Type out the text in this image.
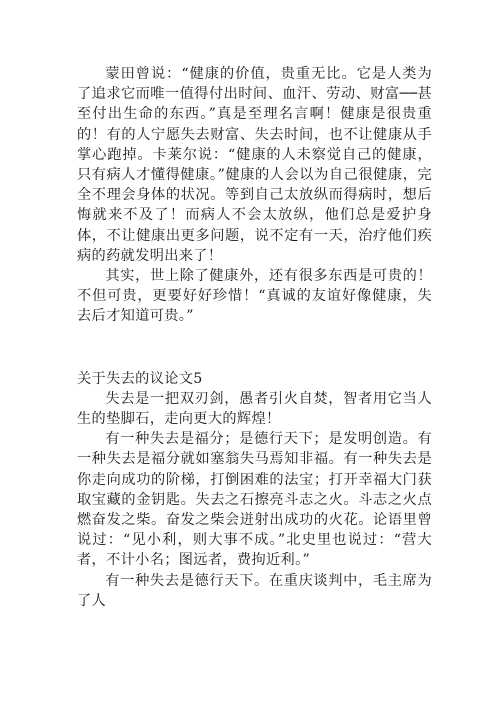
蒙田曾说：“健康的价值，贵重无比。它是人类为了追求它而唯一值得付出时间、血汗、劳动、财富──甚至付出生命的东西。”真是至理名言啊！健康是很贵重的！有的人宁愿失去财富、失去时间，也不让健康从手掌心跑掉。卡莱尔说：“健康的人未察觉自己的健康，只有病人才懂得健康。”健康的人会以为自己很健康，完全不理会身体的状况。等到自己太放纵而得病时，想后悔就来不及了！而病人不会太放纵，他们总是爱护身体，不让健康出更多问题，说不定有一天，治疗他们疾病的药就发明出来了！

其实，世上除了健康外，还有很多东西是可贵的！不但可贵，更要好好珍惜！“真诚的友谊好像健康，失去后才知道可贵。”

关于失去的议论文5

失去是一把双刃剑，愚者引火自焚，智者用它当人生的垫脚石，走向更大的辉煌！

有一种失去是福分；是德行天下；是发明创造。有一种失去是福分就如塞翁失马焉知非福。有一种失去是你走向成功的阶梯，打倒困难的法宝；打开幸福大门获取宝藏的金钥匙。失去之石擦亮斗志之火。斗志之火点燃奋发之柴。奋发之柴会迸射出成功的火花。论语里曾说过：“见小利，则大事不成。”北史里也说过：“营大者，不计小名；图远者，费拘近利。”

有一种失去是德行天下。在重庆谈判中，毛主席为了人
